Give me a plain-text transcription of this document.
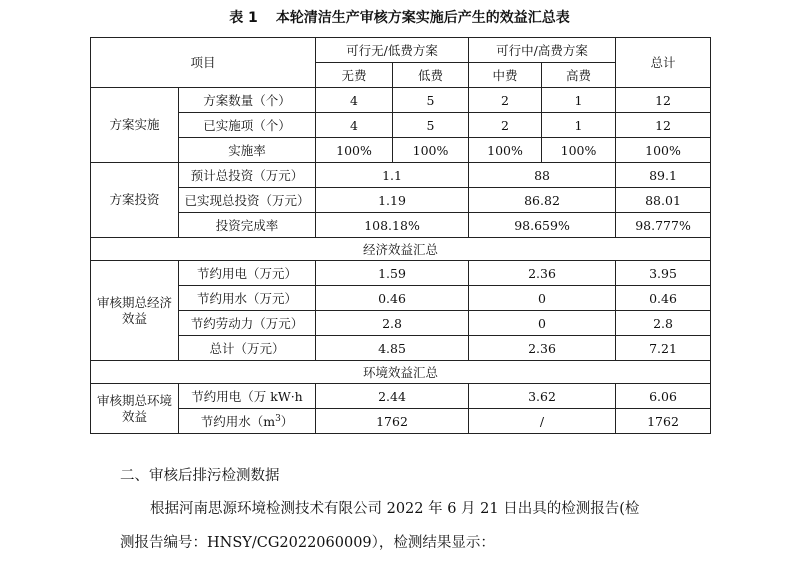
表 1 本轮清洁生产审核方案实施后产生的效益汇总表
项目		可行无/低费方案		可行中/高费方案		总计
		无费	低费	中费	高费	
方案实施	方案数量（个）	4	5	2	1	12
	已实施项（个）	4	5	2	1	12
	实施率	100%	100%	100%	100%	100%
方案投资	预计总投资（万元）	1.1		88		89.1
	已实现总投资（万元）	1.19		86.82		88.01
	投资完成率	108.18%		98.659%		98.777%
经济效益汇总						
审核期总经济效益	节约用电（万元）	1.59		2.36		3.95
	节约用水（万元）	0.46		0		0.46
	节约劳动力（万元）	2.8		0		2.8
	总计（万元）	4.85		2.36		7.21
环境效益汇总						
审核期总环境效益	节约用电（万 kW·h	2.44		3.62		6.06
	节约用水$(m^3)$	1762		/		1762
二、审核后排污检测数据
根据河南思源环境检测技术有限公司 2022 年 6 月 21 日出具的检测报告(检
测报告编号：HNSY/CG2022060009），检测结果显示：
